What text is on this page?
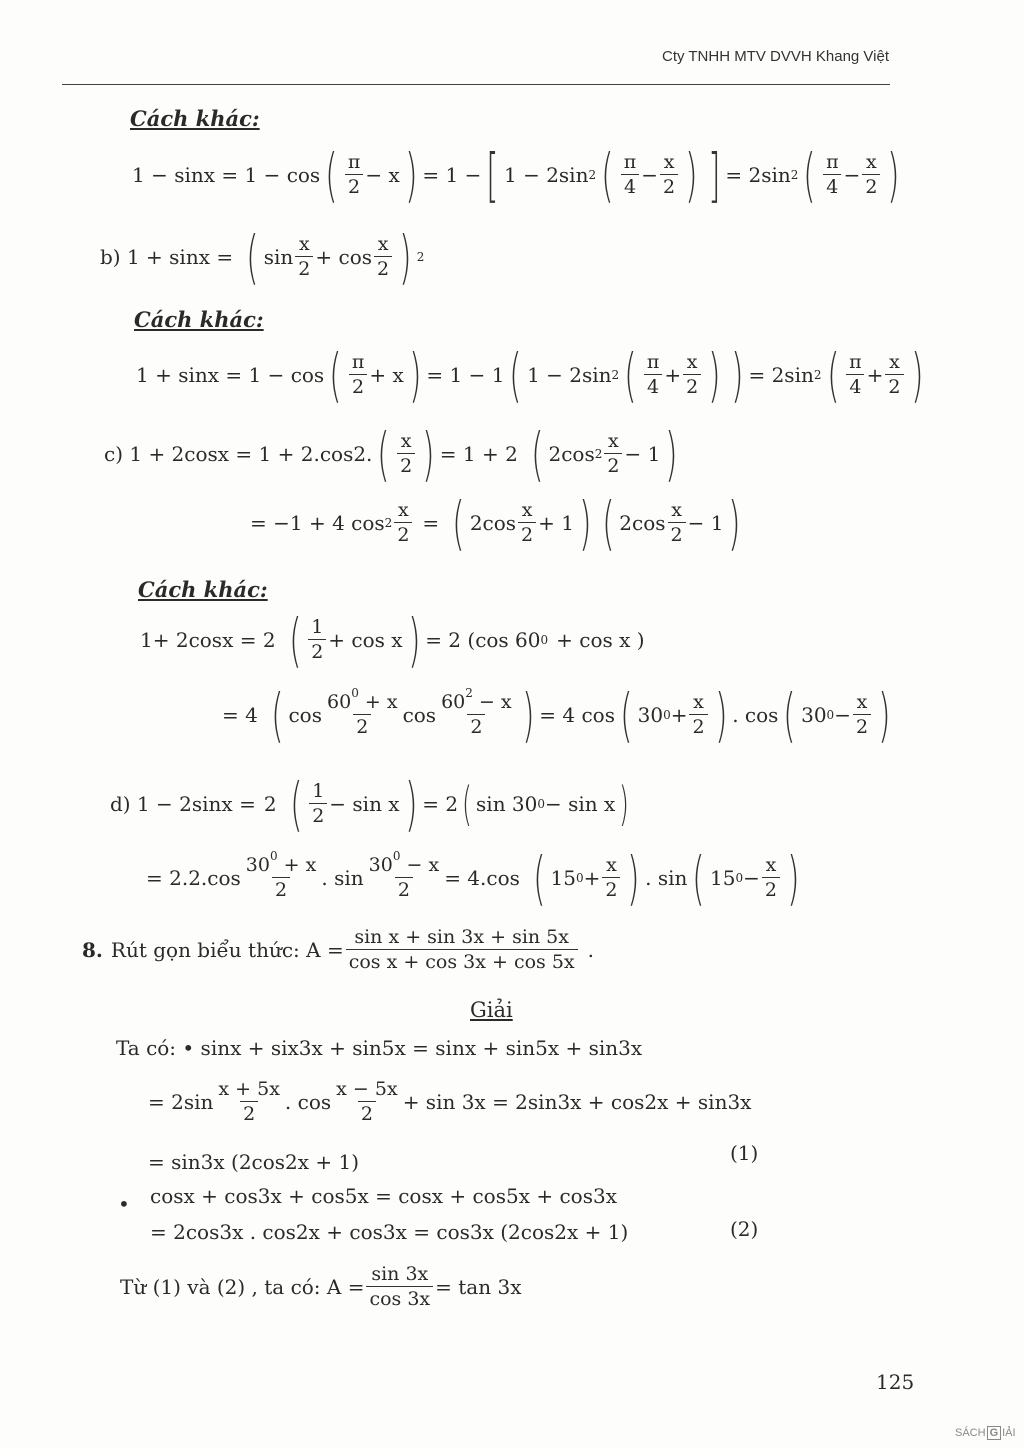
Cty TNHH MTV DVVH Khang Việt
Cách khác:
1 − sinx = 1 − cos ( $\frac{\pi}{2} - x$ ) = 1 − [ 1 − 2sin 2 ( $\frac{\pi}{4} - \frac{x}{2}$ ) ] = 2sin 2 ( $\frac{\pi}{4} - \frac{x}{2}$ )
b) 1 + sinx = ( $\sin \frac{x}{2} + \cos \frac{x}{2}$ ) 2
Cách khác:
1 + sinx = 1 − cos ( $\frac{\pi}{2} + x$ ) = 1 − 1 ( 1 − 2sin 2 ( $\frac{\pi}{4} + \frac{x}{2}$ ) ) = 2sin 2 ( $\frac{\pi}{4} + \frac{x}{2}$ )
c) 1 + 2cosx = 1 + 2.cos2. ( $\frac{x}{2}$ ) = 1 + 2 ( 2cos $2 \frac{x}{2} - 1$ )
= −1 + 4 $\cos 2 \frac{x}{2}$ = ( $2\cos \frac{x}{2} + 1$ ) ( $2\cos \frac{x}{2} - 1$ )
Cách khác:
1+ 2cosx = 2 ( $\frac{1}{2} + \cos x$ ) = 2 (cos 60 0 + cos x )
= 4 ( $\cos \frac{60^0 + x}{2}$ $\cos \frac{60^2 - x}{2}$ ) = 4 cos ( 30 $0 + \frac{x}{2}$ ) . cos ( 30 $0 - \frac{x}{2}$ )
d) 1 − 2sinx = 2 ( $\frac{1}{2} - \sin x$ ) = 2 ( sin 30 0 − sin x )
= $2.2.\cos \frac{30^0 + x}{2}$ . $\sin \frac{30^0 - x}{2} = 4.\cos$ ( 15 $0 + \frac{x}{2}$ ) . sin ( 15 $0 - \frac{x}{2}$ )
8. Rút gọn biểu thức: $A = \frac{\text{sin x + sin 3x + sin 5x}}{\text{cos x + cos 3x + cos 5x}}$ .
Giải
Ta có: • sinx + six3x + sin5x = sinx + sin5x + sin3x
= $2\sin \frac{x + 5x}{2}$ . $\cos \frac{x - 5x}{2} + \sin 3x = 2\sin 3x + \cos 2x + \sin 3x$
= sin3x (2cos2x + 1)	(1)
• cosx + cos3x + cos5x = cosx + cos5x + cos3x
= 2cos3x . cos2x + cos3x = cos3x (2cos2x + 1)	(2)
Từ (1) và (2) , ta có: $A = \frac{\sin 3x}{\cos 3x} = \tan 3x$
125
SÁCH G IẢI
